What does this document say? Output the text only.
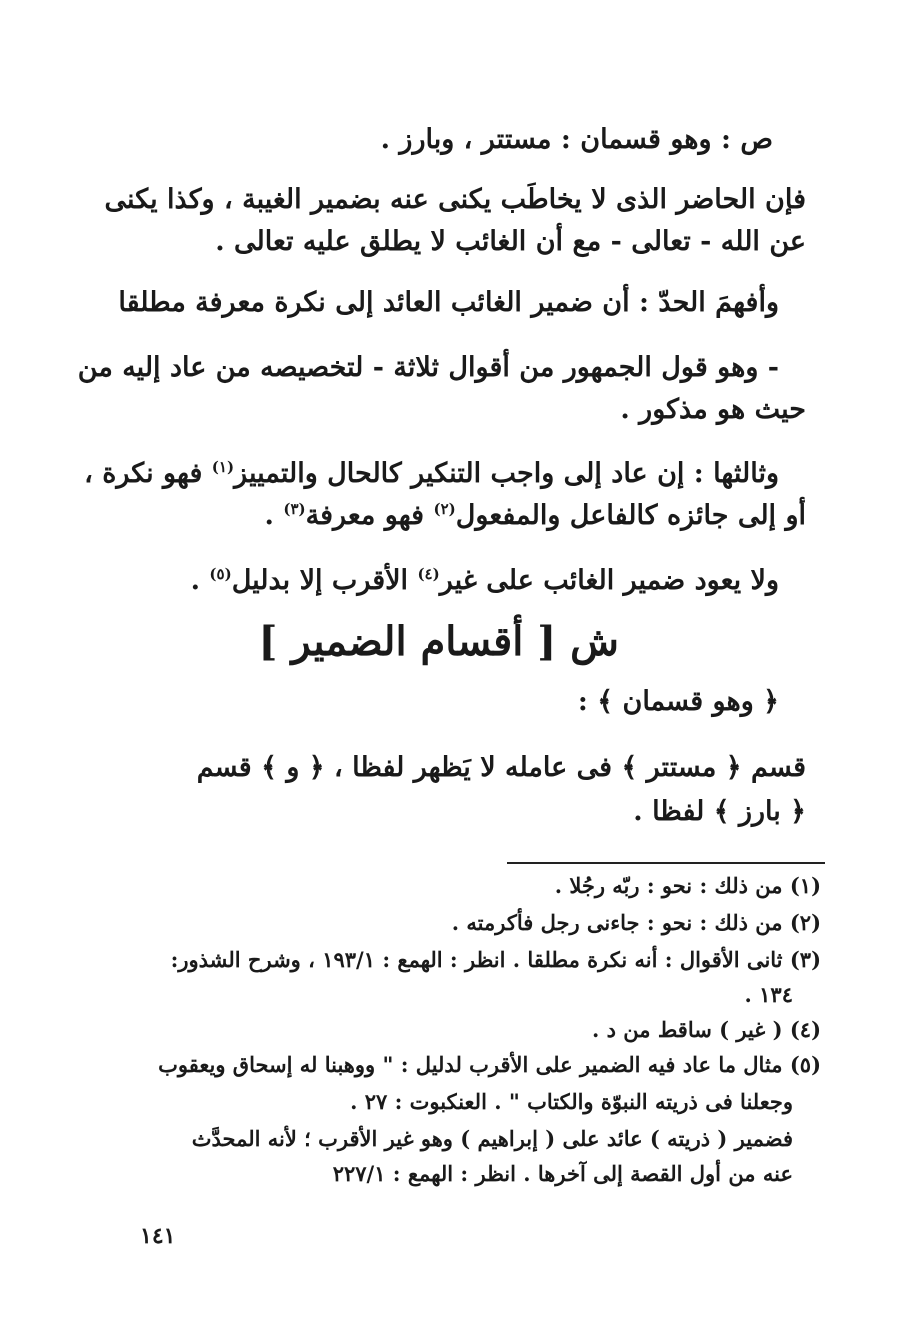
ص : وهو قسمان : مستتر ، وبارز .
فإن الحاضر الذى لا يخاطَب يكنى عنه بضمير الغيبة ، وكذا يكنى
عن الله - تعالى - مع أن الغائب لا يطلق عليه تعالى .
وأفهمَ الحدّ : أن ضمير الغائب العائد إلى نكرة معرفة مطلقا
- وهو قول الجمهور من أقوال ثلاثة - لتخصيصه من عاد إليه من
حيث هو مذكور .
وثالثها : إن عاد إلى واجب التنكير كالحال والتمييز$^{(١)}$ فهو نكرة ،
أو إلى جائزه كالفاعل والمفعول$^{(٢)}$ فهو معرفة$^{(٣)}$ .
ولا يعود ضمير الغائب على غير$^{(٤)}$ الأقرب إلا بدليل$^{(٥)}$ .
ش [ أقسام الضمير ]
﴿ وهو قسمان ﴾ :
قسم ﴿ مستتر ﴾ فى عامله لا يَظهر لفظا ، ﴿ و ﴾ قسم
﴿ بارز ﴾ لفظا .
(١) من ذلك : نحو : ربّه رجُلا .
(٢) من ذلك : نحو : جاءنى رجل فأكرمته .
(٣) ثانى الأقوال : أنه نكرة مطلقا . انظر : الهمع : ١٩٣/١ ، وشرح الشذور:
١٣٤ .
(٤) ( غير ) ساقط من د .
(٥) مثال ما عاد فيه الضمير على الأقرب لدليل : " ووهبنا له إسحاق ويعقوب
وجعلنا فى ذريته النبوّة والكتاب " . العنكبوت : ٢٧ .
فضمير ( ذريته ) عائد على ( إبراهيم ) وهو غير الأقرب ؛ لأنه المحدَّث
عنه من أول القصة إلى آخرها . انظر : الهمع : ٢٢٧/١
١٤١
